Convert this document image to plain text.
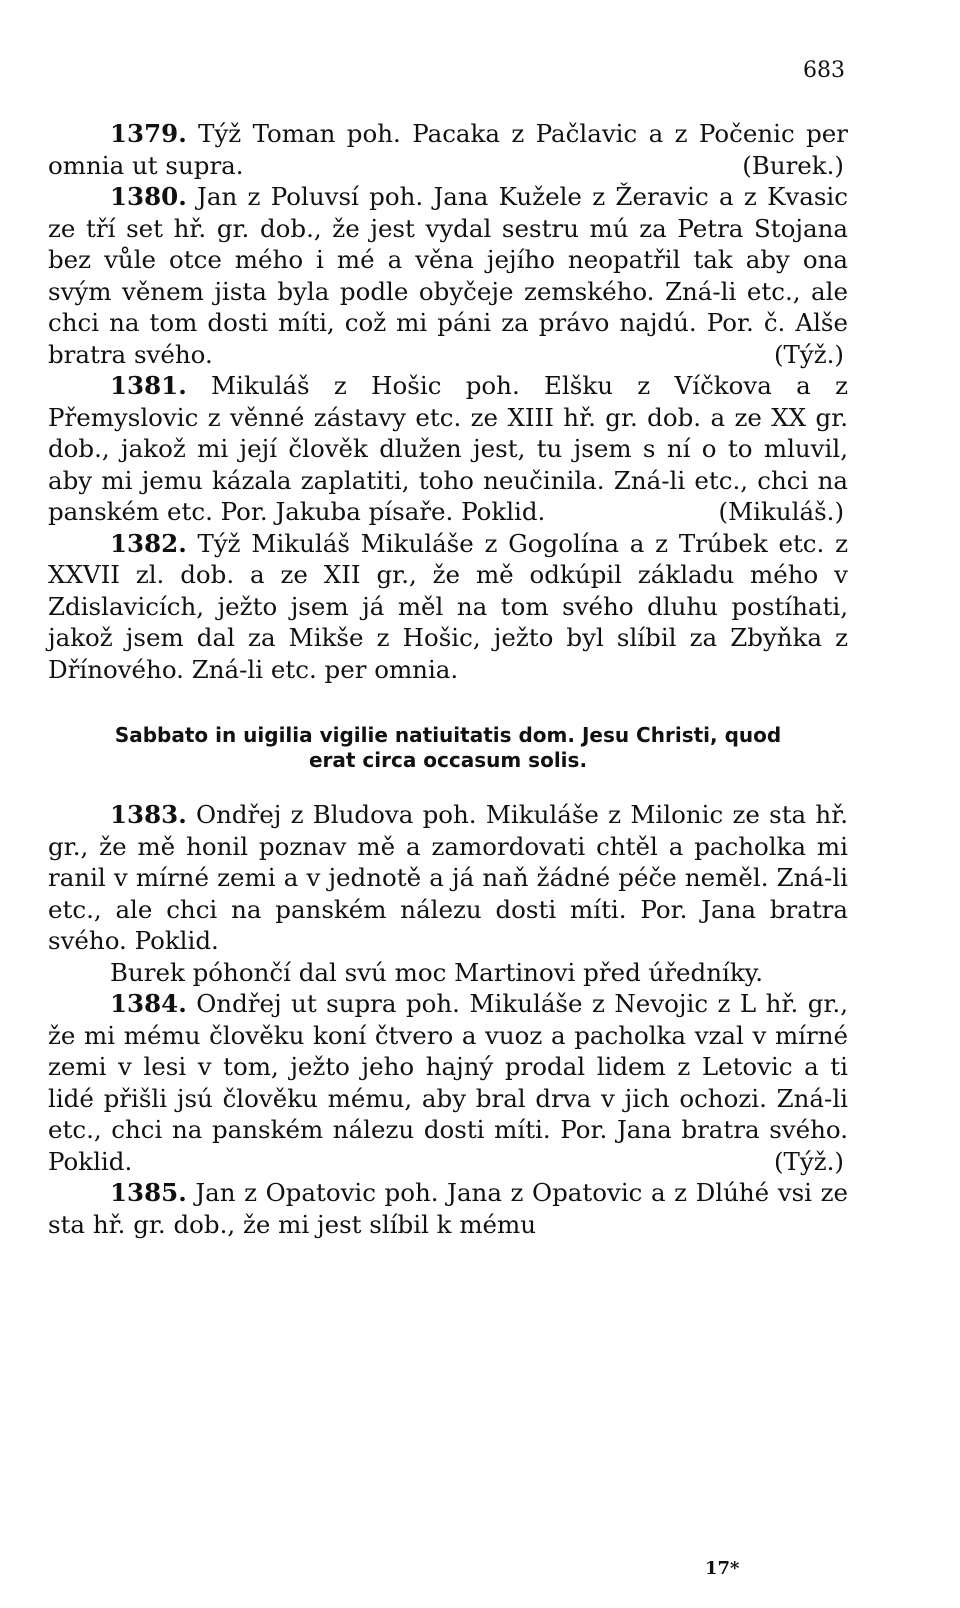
683

1379. Týž Toman poh. Pacaka z Pačlavic a z Počenic per omnia ut supra.	(Burek.)

1380. Jan z Poluvsí poh. Jana Kužele z Žeravic a z Kvasic ze tří set hř. gr. dob., že jest vydal sestru mú za Petra Stojana bez vůle otce mého i mé a věna jejího neopatřil tak aby ona svým věnem jista byla podle obyčeje zemského. Zná-li etc., ale chci na tom dosti míti, což mi páni za právo najdú. Por. č. Alše bratra svého.	(Týž.)

1381. Mikuláš z Hošic poh. Elšku z Víčkova a z Přemyslovic z věnné zástavy etc. ze XIII hř. gr. dob. a ze XX gr. dob., jakož mi její člověk dlužen jest, tu jsem s ní o to mluvil, aby mi jemu kázala zaplatiti, toho neučinila. Zná-li etc., chci na panském etc. Por. Jakuba písaře. Poklid.	(Mikuláš.)

1382. Týž Mikuláš Mikuláše z Gogolína a z Trúbek etc. z XXVII zl. dob. a ze XII gr., že mě odkúpil základu mého v Zdislavicích, ježto jsem já měl na tom svého dluhu postíhati, jakož jsem dal za Mikše z Hošic, ježto byl slíbil za Zbyňka z Dřínového. Zná-li etc. per omnia.

Sabbato in uigilia vigilie natiuitatis dom. Jesu Christi, quod
erat circa occasum solis.

1383. Ondřej z Bludova poh. Mikuláše z Milonic ze sta hř. gr., že mě honil poznav mě a zamordovati chtěl a pacholka mi ranil v mírné zemi a v jednotě a já naň žádné péče neměl. Zná-li etc., ale chci na panském nálezu dosti míti. Por. Jana bratra svého. Poklid.

Burek póhončí dal svú moc Martinovi před úředníky.

1384. Ondřej ut supra poh. Mikuláše z Nevojic z L hř. gr., že mi mému člověku koní čtvero a vuoz a pacholka vzal v mírné zemi v lesi v tom, ježto jeho hajný prodal lidem z Letovic a ti lidé přišli jsú člověku mému, aby bral drva v jich ochozi. Zná-li etc., chci na panském nálezu dosti míti. Por. Jana bratra svého. Poklid.	(Týž.)

1385. Jan z Opatovic poh. Jana z Opatovic a z Dlúhé vsi ze sta hř. gr. dob., že mi jest slíbil k mému

17*
